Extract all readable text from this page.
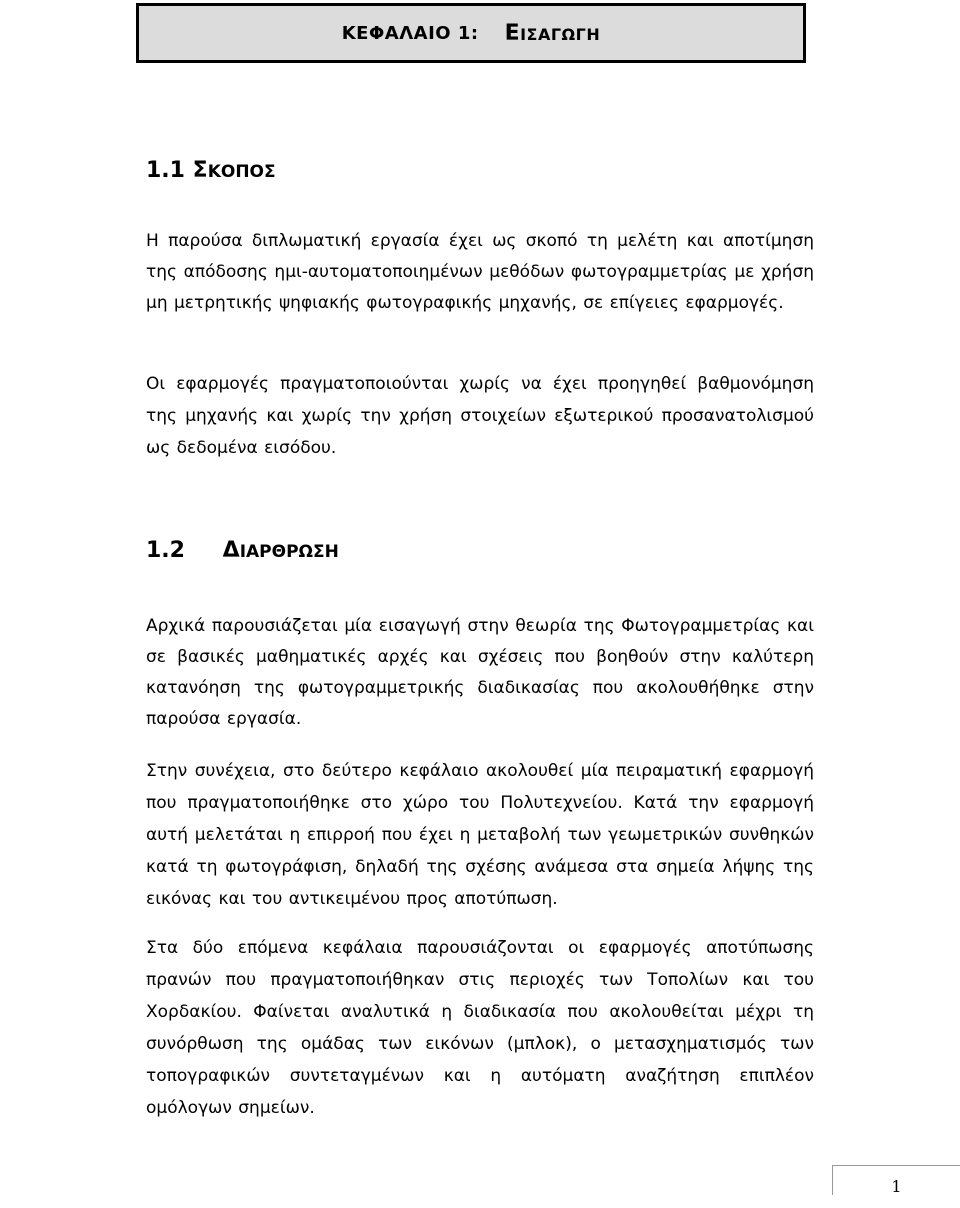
ΚΕΦΑΛΑΙΟ 1: ΕΙΣΑΓΩΓΗ
1.1 ΣΚΟΠΟΣ

Η παρούσα διπλωματική εργασία έχει ως σκοπό τη μελέτη και αποτίμηση της απόδοσης ημι-αυτοματοποιημένων μεθόδων φωτογραμμετρίας με χρήση μη μετρητικής ψηφιακής φωτογραφικής μηχανής, σε επίγειες εφαρμογές.

Οι εφαρμογές πραγματοποιούνται χωρίς να έχει προηγηθεί βαθμονόμηση της μηχανής και χωρίς την χρήση στοιχείων εξωτερικού προσανατολισμού ως δεδομένα εισόδου.

1.2 ΔΙΑΡΘΡΩΣΗ

Αρχικά παρουσιάζεται μία εισαγωγή στην θεωρία της Φωτογραμμετρίας και σε βασικές μαθηματικές αρχές και σχέσεις που βοηθούν στην καλύτερη κατανόηση της φωτογραμμετρικής διαδικασίας που ακολουθήθηκε στην παρούσα εργασία.

Στην συνέχεια, στο δεύτερο κεφάλαιο ακολουθεί μία πειραματική εφαρμογή που πραγματοποιήθηκε στο χώρο του Πολυτεχνείου. Κατά την εφαρμογή αυτή μελετάται η επιρροή που έχει η μεταβολή των γεωμετρικών συνθηκών κατά τη φωτογράφιση, δηλαδή της σχέσης ανάμεσα στα σημεία λήψης της εικόνας και του αντικειμένου προς αποτύπωση.

Στα δύο επόμενα κεφάλαια παρουσιάζονται οι εφαρμογές αποτύπωσης πρανών που πραγματοποιήθηκαν στις περιοχές των Τοπολίων και του Χορδακίου. Φαίνεται αναλυτικά η διαδικασία που ακολουθείται μέχρι τη συνόρθωση της ομάδας των εικόνων (μπλοκ), ο μετασχηματισμός των τοπογραφικών συντεταγμένων και η αυτόματη αναζήτηση επιπλέον ομόλογων σημείων.

1
